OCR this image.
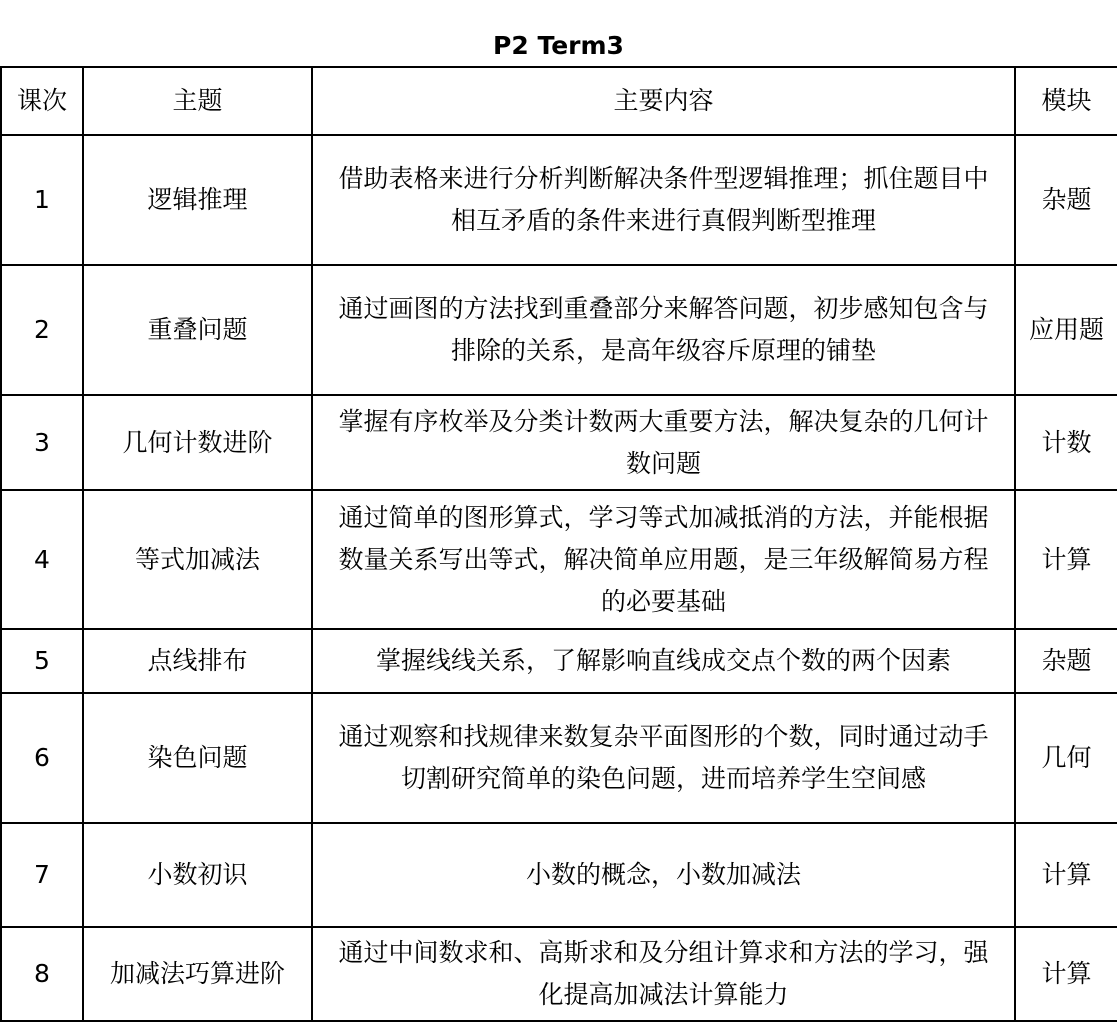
P2 Term3
课次	主题	主要内容	模块
1	逻辑推理	借助表格来进行分析判断解决条件型逻辑推理；抓住题目中相互矛盾的条件来进行真假判断型推理	杂题
2	重叠问题	通过画图的方法找到重叠部分来解答问题，初步感知包含与排除的关系，是高年级容斥原理的铺垫	应用题
3	几何计数进阶	掌握有序枚举及分类计数两大重要方法，解决复杂的几何计数问题	计数
4	等式加减法	通过简单的图形算式，学习等式加减抵消的方法，并能根据数量关系写出等式，解决简单应用题，是三年级解简易方程的必要基础	计算
5	点线排布	掌握线线关系，了解影响直线成交点个数的两个因素	杂题
6	染色问题	通过观察和找规律来数复杂平面图形的个数，同时通过动手切割研究简单的染色问题，进而培养学生空间感	几何
7	小数初识	小数的概念，小数加减法	计算
8	加减法巧算进阶	通过中间数求和、高斯求和及分组计算求和方法的学习，强化提高加减法计算能力	计算
